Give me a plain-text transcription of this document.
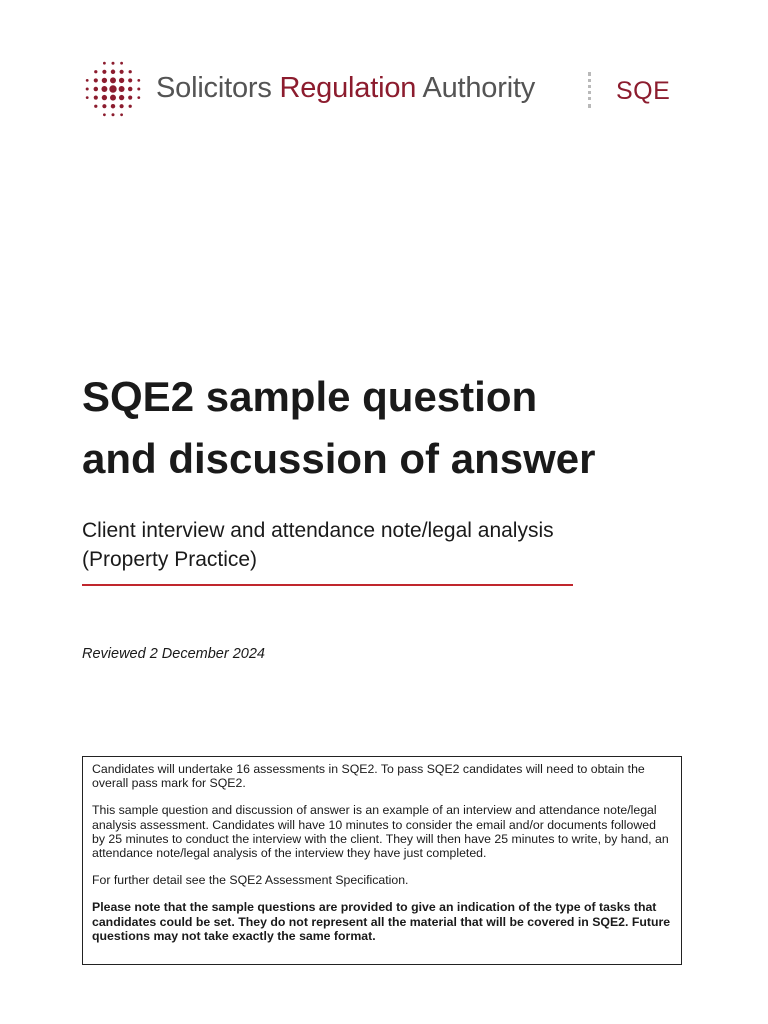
Solicitors Regulation Authority	SQE
SQE2 sample question
and discussion of answer

Client interview and attendance note/legal analysis
(Property Practice)

Reviewed 2 December 2024

Candidates will undertake 16 assessments in SQE2. To pass SQE2 candidates will need to obtain the overall pass mark for SQE2.

This sample question and discussion of answer is an example of an interview and attendance note/legal analysis assessment. Candidates will have 10 minutes to consider the email and/or documents followed by 25 minutes to conduct the interview with the client. They will then have 25 minutes to write, by hand, an attendance note/legal analysis of the interview they have just completed.

For further detail see the SQE2 Assessment Specification.

Please note that the sample questions are provided to give an indication of the type of tasks that candidates could be set. They do not represent all the material that will be covered in SQE2. Future questions may not take exactly the same format.
